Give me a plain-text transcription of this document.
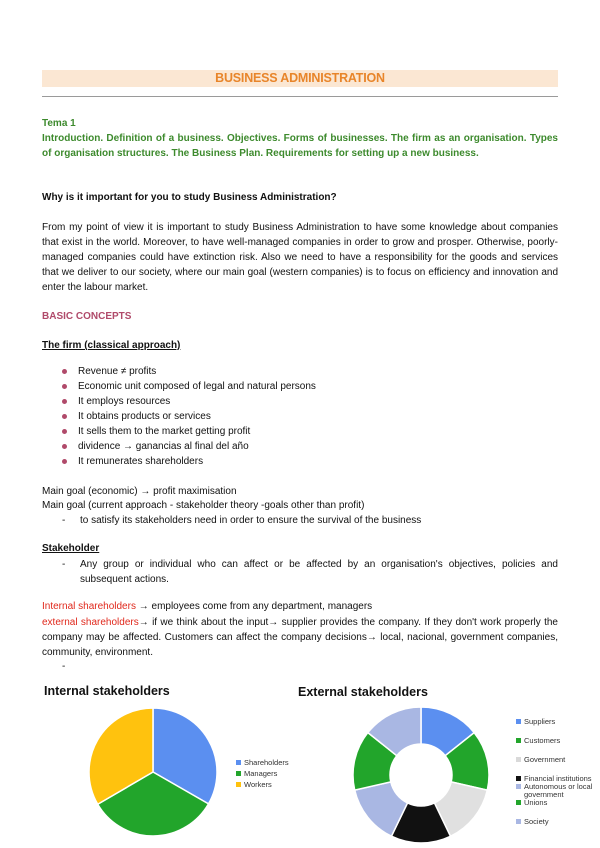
BUSINESS ADMINISTRATION
Tema 1
Introduction. Definition of a business. Objectives. Forms of businesses. The firm as an organisation. Types of organisation structures. The Business Plan. Requirements for setting up a new business.
Why is it important for you to study Business Administration?
From my point of view it is important to study Business Administration to have some knowledge about companies that exist in the world. Moreover, to have well-managed companies in order to grow and prosper. Otherwise, poorly-managed companies could have extinction risk. Also we need to have a responsibility for the goods and services that we deliver to our society, where our main goal (western companies) is to focus on efficiency and innovation and enter the labour market.
BASIC CONCEPTS
The firm (classical approach)
Revenue ≠ profits
Economic unit composed of legal and natural persons
It employs resources
It obtains products or services
It sells them to the market getting profit
dividence → ganancias al final del año
It remunerates shareholders
Main goal (economic) → profit maximisation
Main goal (current approach - stakeholder theory -goals other than profit)
- to satisfy its stakeholders need in order to ensure the survival of the business
Stakeholder
- Any group or individual who can affect or be affected by an organisation's objectives, policies and subsequent actions.
Internal shareholders → employees come from any department, managers
external shareholders→ if we think about the input→ supplier provides the company. If they don't work properly the company may be affected. Customers can affect the company decisions→ local, nacional, government companies, community, environment.
-
Internal stakeholders
Shareholders
Managers
Workers
External stakeholders
Suppliers
Customers
Government
Financial institutions
Autonomous or local government
Unions
Society
